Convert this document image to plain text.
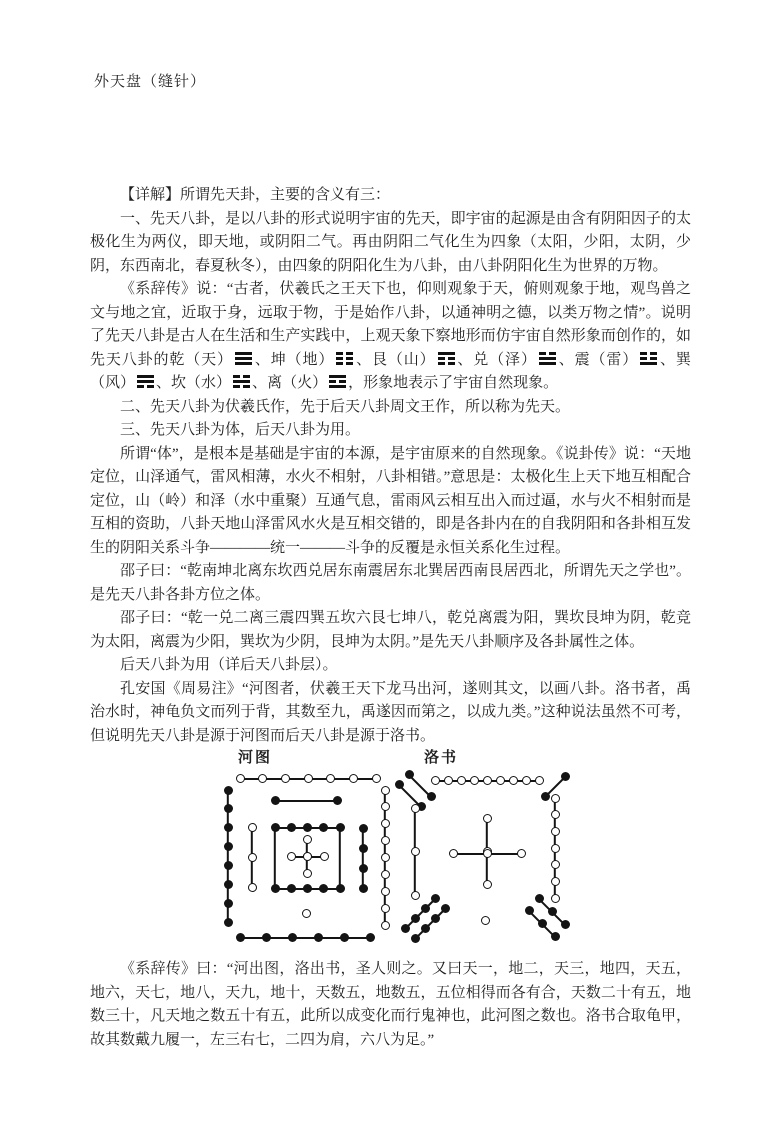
外天盘（缝针）

【详解】所谓先天卦，主要的含义有三：

一、先天八卦，是以八卦的形式说明宇宙的先天，即宇宙的起源是由含有阴阳因子的太极化生为两仪，即天地，或阴阳二气。再由阴阳二气化生为四象（太阳，少阳，太阴，少阴，东西南北，春夏秋冬），由四象的阴阳化生为八卦，由八卦阴阳化生为世界的万物。

《系辞传》说：“古者，伏羲氏之王天下也，仰则观象于天，俯则观象于地，观鸟兽之文与地之宜，近取于身，远取于物，于是始作八卦，以通神明之德，以类万物之情”。说明了先天八卦是古人在生活和生产实践中，上观天象下察地形而仿宇宙自然形象而创作的，如先天八卦的乾（天） 、坤（地） 、艮（山） 、兑（泽） 、震（雷） 、巽（风） 、坎（水） 、离（火） ，形象地表示了宇宙自然现象。

二、先天八卦为伏羲氏作，先于后天八卦周文王作，所以称为先天。

三、先天八卦为体，后天八卦为用。

所谓“体”，是根本是基础是宇宙的本源，是宇宙原来的自然现象。《说卦传》说：“天地定位，山泽通气，雷风相薄，水火不相射，八卦相错。”意思是：太极化生上天下地互相配合定位，山（岭）和泽（水中重聚）互通气息，雷雨风云相互出入而过逼，水与火不相射而是互相的资助，八卦天地山泽雷风水火是互相交错的，即是各卦内在的自我阴阳和各卦相互发生的阴阳关系斗争————统一———斗争的反覆是永恒关系化生过程。

邵子曰：“乾南坤北离东坎西兑居东南震居东北巽居西南艮居西北，所谓先天之学也”。是先天八卦各卦方位之体。

邵子曰：“乾一兑二离三震四巽五坎六艮七坤八，乾兑离震为阳，巽坎艮坤为阴，乾竞为太阳，离震为少阳，巽坎为少阴，艮坤为太阴。”是先天八卦顺序及各卦属性之体。

后天八卦为用（详后天八卦层）。

孔安国《周易注》“河图者，伏羲王天下龙马出河，遂则其文，以画八卦。洛书者，禹治水时，神龟负文而列于背，其数至九，禹遂因而第之，以成九类。”这种说法虽然不可考，但说明先天八卦是源于河图而后天八卦是源于洛书。

河图	洛书

《系辞传》曰：“河出图，洛出书，圣人则之。又曰天一，地二，天三，地四，天五，地六，天七，地八，天九，地十，天数五，地数五，五位相得而各有合，天数二十有五，地数三十，凡天地之数五十有五，此所以成变化而行鬼神也，此河图之数也。洛书合取龟甲，故其数戴九履一，左三右七，二四为肩，六八为足。”
